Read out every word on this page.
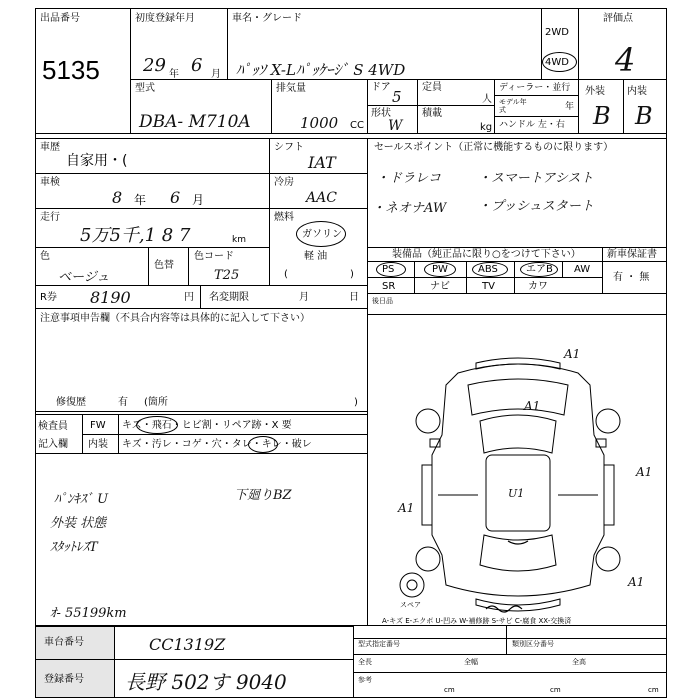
出品番号
5135
初度登録年月
29 年 6 月
車名・グレード
ﾊﾟｯｿ X-Lﾊﾟｯｹｰｼﾞ S 4WD
2WD
4WD
評価点
4
型式
DBA- M710A
排気量
1000 CC
ドア
5
定員
人
形状
W
積載
kg
ディーラー・並行
モデル年式	年
ハンドル 左・右
外装 内装
B B
車歴
自家用・(
シフト
IAT
車検
8 年 6 月
冷房
AAC
走行
5万5千,1 8 7	km
燃料
ガソリン
軽 油
(	)
色
ベージュ
色替
色コード
T25
R券 8190	円 名変期限	月	日
注意事項申告欄（不具合内容等は具体的に記入して下さい）
修復歴	有 (箇所	)
検査員
記入欄
FW キズ・飛石・ヒビ割・リペア跡・X 要
内装 キズ・汚レ・コゲ・穴・タレ・キレ・破レ
ﾊﾟﾝｷｽﾞ U
外装 状態
ｽﾀｯﾄﾚｽT
ｵ- 55199km
下廻りBZ
車台番号	CC1319Z
登録番号 長野 502す 9040
セールスポイント（正常に機能するものに限ります）
・ドラレコ	・スマートアシスト
・ネオナAW ・プッシュスタート
装備品（純正品に限り○をつけて下さい）
PS	PW	ABS	エアB AW
SR	ナビ	TV	カワ
新車保証書
有 ・ 無
後日品
A1
A1
U1
A1
A1
A1
スペア
A-キズ E-エクボ U-凹み W-補修跡 S-サビ C-腐食 XX-交換済
型式指定番号	類別区分番号
全長	全幅	全高
参考
cm	cm	cm
